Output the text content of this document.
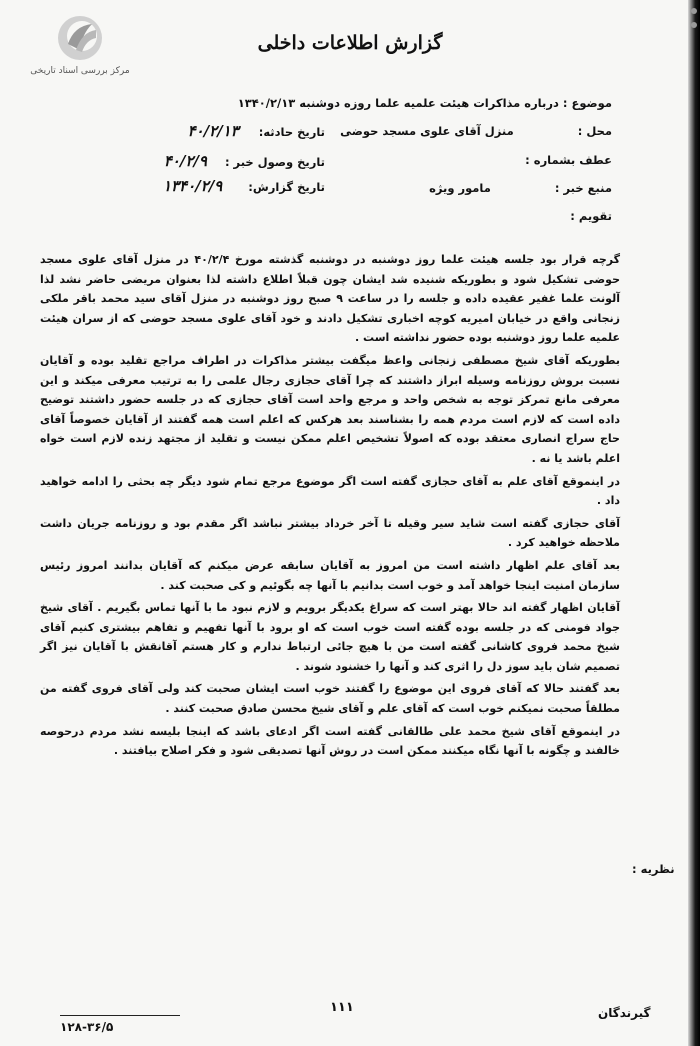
مرکز بررسی اسناد تاریخی
گزارش اطلاعات داخلی
موضوع : درباره مذاکرات هیئت علمیه علما روزه دوشنبه ۱۳۴۰/۲/۱۳
محل : منزل آقای علوی مسجد حوضی
تاریخ حادثه: ۴۰/۲/۱۳
تاریخ وصول خبر : ۴۰/۲/۹	عطف بشماره :
منبع خبر : مامور ویژه
تاریخ گزارش: ۱۳۴۰/۲/۹
تقویم :

گرچه قرار بود جلسه هیئت علما روز دوشنبه در دوشنبه گذشته مورخ ۴۰/۲/۴ در منزل آقای علوی مسجد حوضی تشکیل شود و بطوریکه شنیده شد ایشان چون قبلاً اطلاع داشته لذا بعنوان مریضی حاضر نشد لذا آلونت علما غفیر عقیده داده و جلسه را در ساعت ۹ صبح روز دوشنبه در منزل آقای سید محمد باقر ملکی زنجانی واقع در خیابان امیریه کوچه اخباری تشکیل دادند و خود آقای علوی مسجد حوضی که از سران هیئت علمیه علما روز دوشنبه بوده حضور نداشته است .

بطوریکه آقای شیخ مصطفی زنجانی واعظ میگفت بیشتر مذاکرات در اطراف مراجع تقلید بوده و آقایان نسبت بروش روزنامه وسیله ابراز داشتند که چرا آقای حجازی رجال علمی را به ترتیب معرفی میکند و این معرفی مانع تمرکز توجه به شخص واحد و مرجع واحد است آقای حجازی که در جلسه حضور داشتند توضیح داده است که لازم است مردم همه را بشناسند بعد هرکس که اعلم است همه گفتند از آقایان خصوصاً آقای حاج سراج انصاری معتقد بوده که اصولاً تشخیص اعلم ممکن نیست و تقلید از مجتهد زنده لازم است خواه اعلم باشد یا نه .

در اینموقع آقای علم به آقای حجازی گفته است اگر موضوع مرجع تمام شود دیگر چه بحثی را ادامه خواهید داد .

آقای حجازی گفته است شاید سیر وقیله تا آخر خرداد بیشتر نباشد اگر مقدم بود و روزنامه جریان داشت ملاحظه خواهید کرد .

بعد آقای علم اظهار داشته است من امروز به آقایان سابقه عرض میکنم که آقایان بدانند امروز رئیس سازمان امنیت اینجا خواهد آمد و خوب است بدانیم با آنها چه بگوئیم و کی صحبت کند .

آقایان اظهار گفته اند حالا بهتر است که سراغ یکدیگر برویم و لازم نبود ما با آنها تماس بگیریم . آقای شیخ جواد فومنی که در جلسه بوده گفته است خوب است که او برود با آنها تفهیم و تفاهم بیشتری کنیم آقای شیخ محمد فروی کاشانی گفته است من با هیچ جائی ارتباط ندارم و کار هستم آقانقش با آقایان نیز اگر تصمیم شان باید سوز دل را اثری کند و آنها را خشنود شوند .

بعد گفتند حالا که آقای فروی این موضوع را گفتند خوب است ایشان صحبت کند ولی آقای فروی گفته من مطلقاً صحبت نمیکنم خوب است که آقای علم و آقای شیخ محسن صادق صحبت کنند .

در اینموقع آقای شیخ محمد علی طالقانی گفته است اگر ادعای باشد که اینجا بلیسه نشد مردم درحوصه خالفند و چگونه با آنها نگاه میکنند ممکن است در روش آنها تصدیقی شود و فکر اصلاح بیافتند .

نظریه :
گیرندگان
۱۱۱
۱۲۸-۳۶/۵
